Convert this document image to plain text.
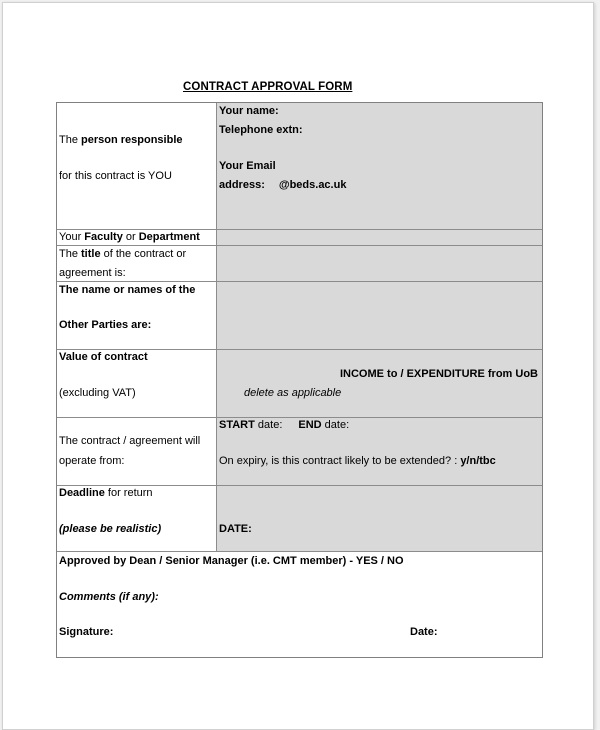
CONTRACT APPROVAL FORM
The person responsible
for this contract is YOU
Your name:
Telephone extn:
Your Email
address: @beds.ac.uk
Your Faculty or Department
The title of the contract or
agreement is:
The name or names of the
Other Parties are:
Value of contract
(excluding VAT)
INCOME to / EXPENDITURE from UoB
delete as applicable
The contract / agreement will
operate from:
START date: END date:
On expiry, is this contract likely to be extended? : y/n/tbc
Deadline for return
(please be realistic)	DATE:
Approved by Dean / Senior Manager (i.e. CMT member) - YES / NO
Comments (if any):
Signature:	Date:
